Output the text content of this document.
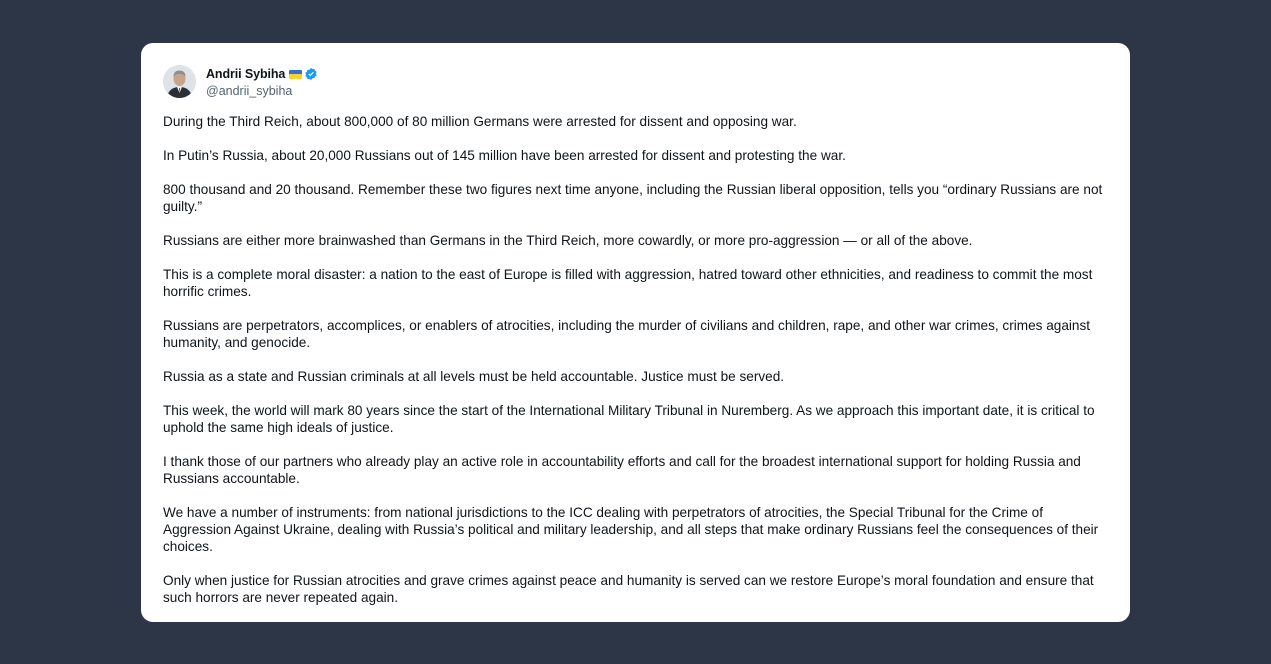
Andrii Sybiha
@andrii_sybiha

During the Third Reich, about 800,000 of 80 million Germans were arrested for dissent and opposing war.

In Putin’s Russia, about 20,000 Russians out of 145 million have been arrested for dissent and protesting the war.

800 thousand and 20 thousand. Remember these two figures next time anyone, including the Russian liberal opposition, tells you “ordinary Russians are not guilty.”

Russians are either more brainwashed than Germans in the Third Reich, more cowardly, or more pro-aggression — or all of the above.

This is a complete moral disaster: a nation to the east of Europe is filled with aggression, hatred toward other ethnicities, and readiness to commit the most horrific crimes.

Russians are perpetrators, accomplices, or enablers of atrocities, including the murder of civilians and children, rape, and other war crimes, crimes against humanity, and genocide.

Russia as a state and Russian criminals at all levels must be held accountable. Justice must be served.

This week, the world will mark 80 years since the start of the International Military Tribunal in Nuremberg. As we approach this important date, it is critical to uphold the same high ideals of justice.

I thank those of our partners who already play an active role in accountability efforts and call for the broadest international support for holding Russia and Russians accountable.

We have a number of instruments: from national jurisdictions to the ICC dealing with perpetrators of atrocities, the Special Tribunal for the Crime of Aggression Against Ukraine, dealing with Russia’s political and military leadership, and all steps that make ordinary Russians feel the consequences of their choices.

Only when justice for Russian atrocities and grave crimes against peace and humanity is served can we restore Europe’s moral foundation and ensure that such horrors are never repeated again.
